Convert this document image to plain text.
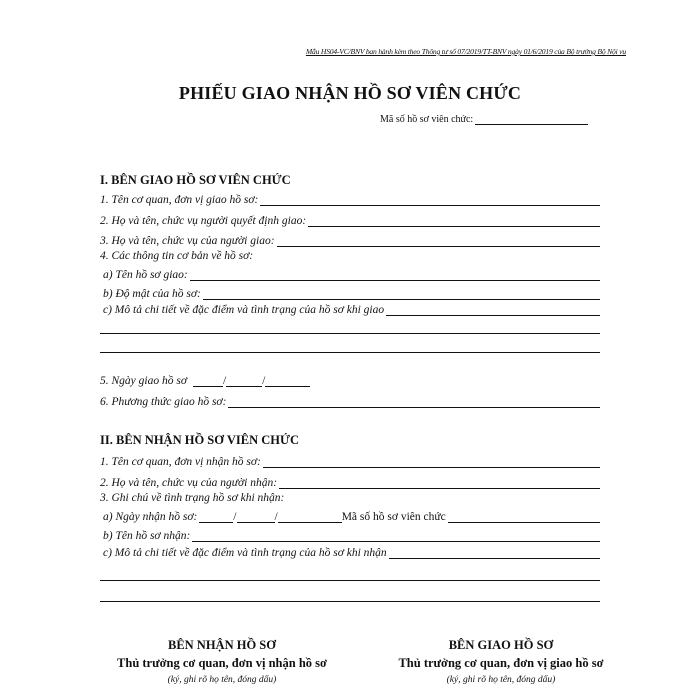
Mẫu HS04-VC/BNV ban hành kèm theo Thông tư số 07/2019/TT-BNV ngày 01/6/2019 của Bộ trưởng Bộ Nội vụ
PHIẾU GIAO NHẬN HỒ SƠ VIÊN CHỨC
Mã số hồ sơ viên chức:
I. BÊN GIAO HỒ SƠ VIÊN CHỨC
1. Tên cơ quan, đơn vị giao hồ sơ:
2. Họ và tên, chức vụ người quyết định giao:
3. Họ và tên, chức vụ của người giao:
4. Các thông tin cơ bản về hồ sơ:
a) Tên hồ sơ giao:
b) Độ mật của hồ sơ:
c) Mô tả chi tiết về đặc điểm và tình trạng của hồ sơ khi giao
5. Ngày giao hồ sơ	/	/
6. Phương thức giao hồ sơ:
II. BÊN NHẬN HỒ SƠ VIÊN CHỨC
1. Tên cơ quan, đơn vị nhận hồ sơ:
2. Họ và tên, chức vụ của người nhận:
3. Ghi chú về tình trạng hồ sơ khi nhận:
a) Ngày nhận hồ sơ:	/	/	Mã số hồ sơ viên chức
b) Tên hồ sơ nhận:
c) Mô tả chi tiết về đặc điểm và tình trạng của hồ sơ khi nhận
BÊN NHẬN HỒ SƠ
Thủ trưởng cơ quan, đơn vị nhận hồ sơ
(ký, ghi rõ họ tên, đóng dấu)
BÊN GIAO HỒ SƠ
Thủ trưởng cơ quan, đơn vị giao hồ sơ
(ký, ghi rõ họ tên, đóng dấu)
